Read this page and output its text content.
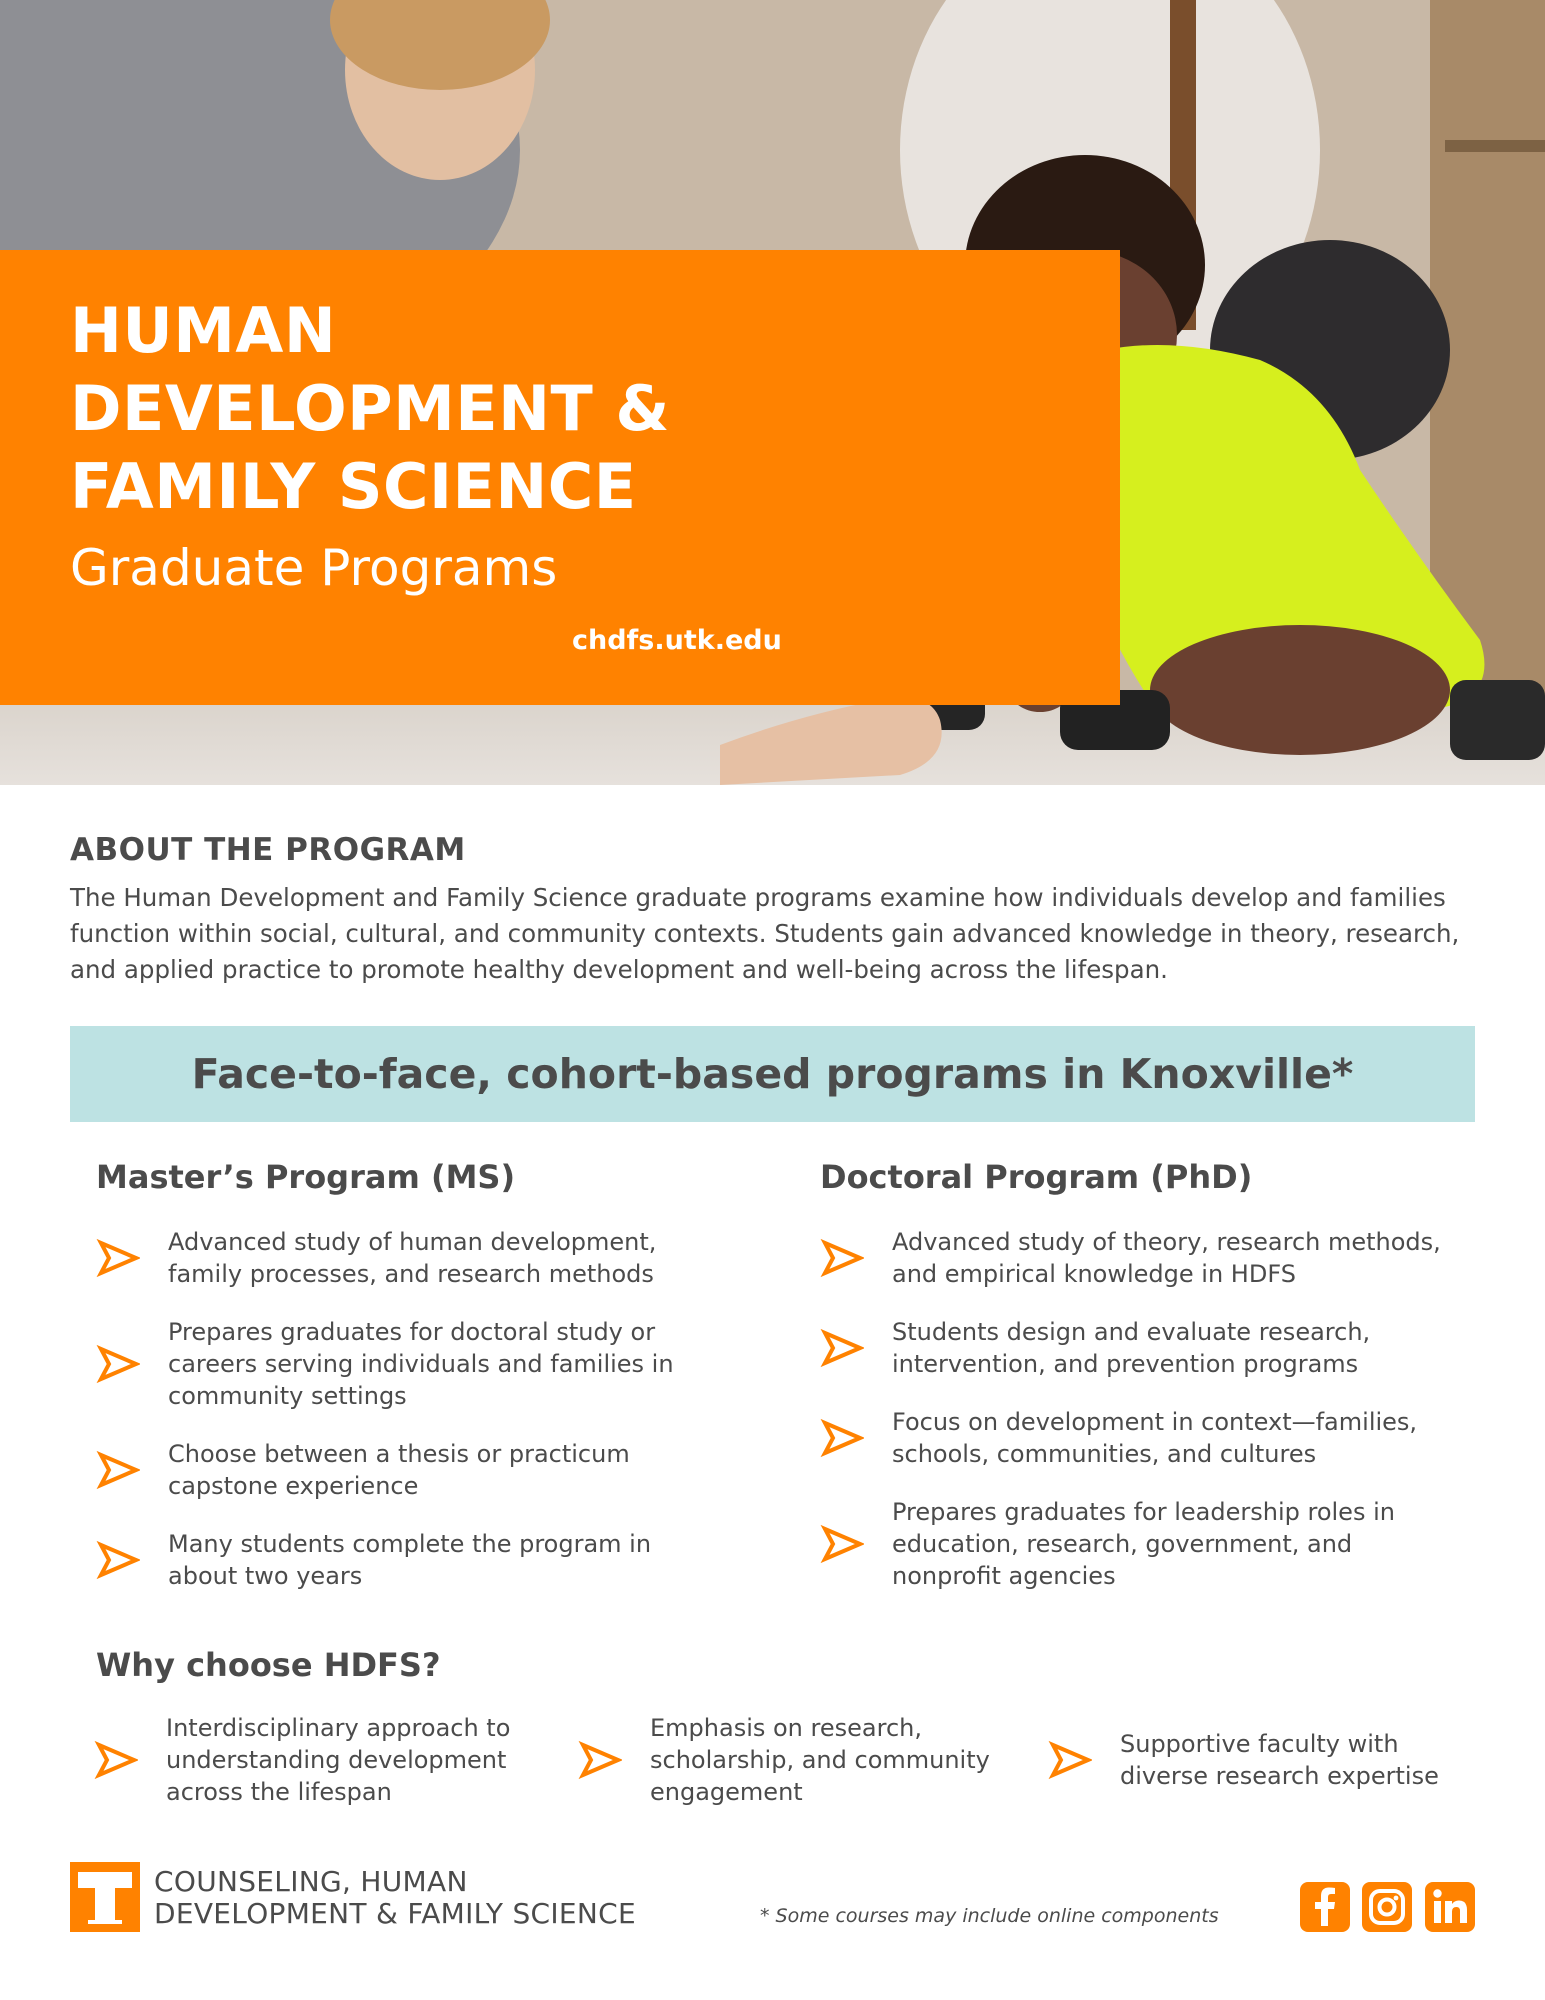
HUMAN
DEVELOPMENT &
FAMILY SCIENCE
Graduate Programs
chdfs.utk.edu
ABOUT THE PROGRAM
The Human Development and Family Science graduate programs examine how individuals develop and families function within social, cultural, and community contexts. Students gain advanced knowledge in theory, research, and applied practice to promote healthy development and well-being across the lifespan.
Face-to-face, cohort-based programs in Knoxville*
Master’s Program (MS)
Advanced study of human development,
family processes, and research methods
Prepares graduates for doctoral study or
careers serving individuals and families in
community settings
Choose between a thesis or practicum
capstone experience
Many students complete the program in
about two years
Doctoral Program (PhD)
Advanced study of theory, research methods,
and empirical knowledge in HDFS
Students design and evaluate research,
intervention, and prevention programs
Focus on development in context—families,
schools, communities, and cultures
Prepares graduates for leadership roles in
education, research, government, and
nonprofit agencies
Why choose HDFS?
Interdisciplinary approach to
understanding development
across the lifespan
Emphasis on research,
scholarship, and community
engagement
Supportive faculty with
diverse research expertise
COUNSELING, HUMAN
DEVELOPMENT & FAMILY SCIENCE	* Some courses may include online components
